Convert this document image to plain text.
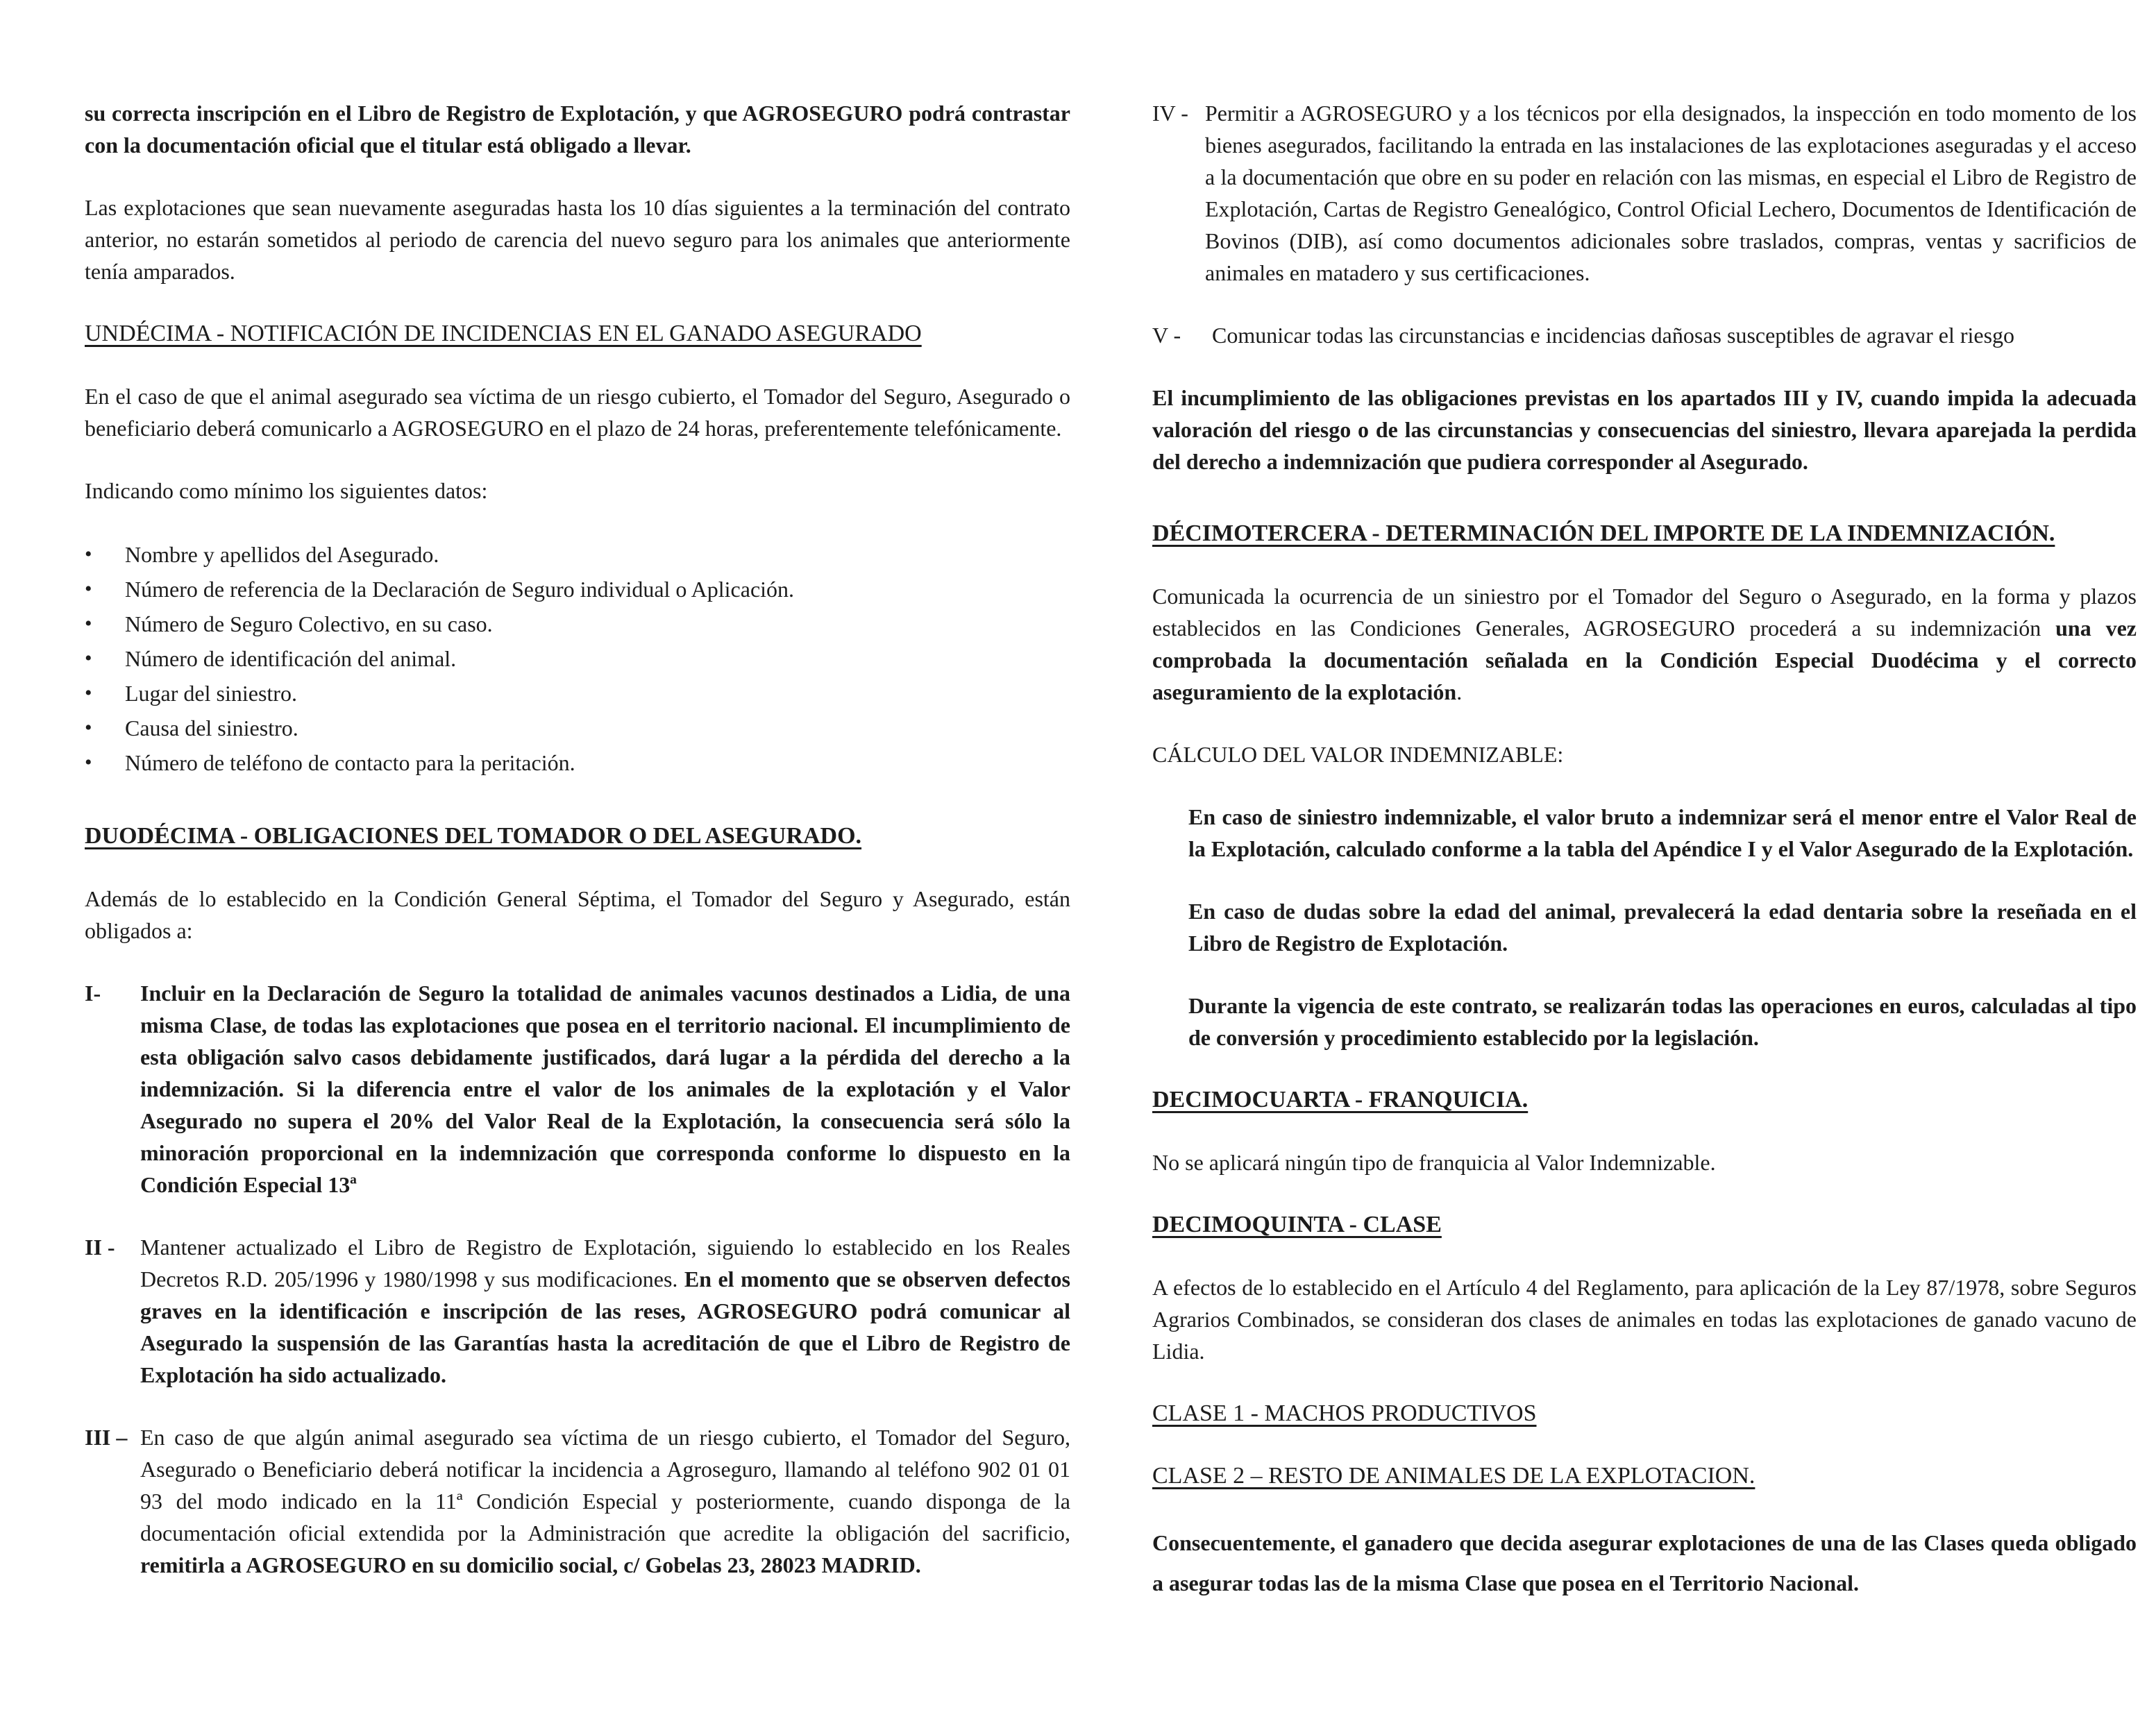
su correcta inscripción en el Libro de Registro de Explotación, y que AGROSEGURO podrá contrastar con la documentación oficial que el titular está obligado a llevar.

Las explotaciones que sean nuevamente aseguradas hasta los 10 días siguientes a la terminación del contrato anterior, no estarán sometidos al periodo de carencia del nuevo seguro para los animales que anteriormente tenía amparados.

UNDÉCIMA - NOTIFICACIÓN DE INCIDENCIAS EN EL GANADO ASEGURADO

En el caso de que el animal asegurado sea víctima de un riesgo cubierto, el Tomador del Seguro, Asegurado o beneficiario deberá comunicarlo a AGROSEGURO en el plazo de 24 horas, preferentemente telefónicamente.

Indicando como mínimo los siguientes datos:

• Nombre y apellidos del Asegurado.
• Número de referencia de la Declaración de Seguro individual o Aplicación.
• Número de Seguro Colectivo, en su caso.
• Número de identificación del animal.
• Lugar del siniestro.
• Causa del siniestro.
• Número de teléfono de contacto para la peritación.

DUODÉCIMA - OBLIGACIONES DEL TOMADOR O DEL ASEGURADO.

Además de lo establecido en la Condición General Séptima, el Tomador del Seguro y Asegurado, están obligados a:

I-	Incluir en la Declaración de Seguro la totalidad de animales vacunos destinados a Lidia, de una misma Clase, de todas las explotaciones que posea en el territorio nacional. El incumplimiento de esta obligación salvo casos debidamente justificados, dará lugar a la pérdida del derecho a la indemnización. Si la diferencia entre el valor de los animales de la explotación y el Valor Asegurado no supera el 20% del Valor Real de la Explotación, la consecuencia será sólo la minoración proporcional en la indemnización que corresponda conforme lo dispuesto en la Condición Especial 13ª
II -	Mantener actualizado el Libro de Registro de Explotación, siguiendo lo establecido en los Reales Decretos R.D. 205/1996 y 1980/1998 y sus modificaciones. En el momento que se observen defectos graves en la identificación e inscripción de las reses, AGROSEGURO podrá comunicar al Asegurado la suspensión de las Garantías hasta la acreditación de que el Libro de Registro de Explotación ha sido actualizado.
III – En caso de que algún animal asegurado sea víctima de un riesgo cubierto, el Tomador del Seguro, Asegurado o Beneficiario deberá notificar la incidencia a Agroseguro, llamando al teléfono 902 01 01 93 del modo indicado en la 11ª Condición Especial y posteriormente, cuando disponga de la documentación oficial extendida por la Administración que acredite la obligación del sacrificio, remitirla a AGROSEGURO en su domicilio social, c/ Gobelas 23, 28023 MADRID.
IV - Permitir a AGROSEGURO y a los técnicos por ella designados, la inspección en todo momento de los bienes asegurados, facilitando la entrada en las instalaciones de las explotaciones aseguradas y el acceso a la documentación que obre en su poder en relación con las mismas, en especial el Libro de Registro de Explotación, Cartas de Registro Genealógico, Control Oficial Lechero, Documentos de Identificación de Bovinos (DIB), así como documentos adicionales sobre traslados, compras, ventas y sacrificios de animales en matadero y sus certificaciones.
V -	Comunicar todas las circunstancias e incidencias dañosas susceptibles de agravar el riesgo

El incumplimiento de las obligaciones previstas en los apartados III y IV, cuando impida la adecuada valoración del riesgo o de las circunstancias y consecuencias del siniestro, llevara aparejada la perdida del derecho a indemnización que pudiera corresponder al Asegurado.

DÉCIMOTERCERA - DETERMINACIÓN DEL IMPORTE DE LA INDEMNIZACIÓN.

Comunicada la ocurrencia de un siniestro por el Tomador del Seguro o Asegurado, en la forma y plazos establecidos en las Condiciones Generales, AGROSEGURO procederá a su indemnización una vez comprobada la documentación señalada en la Condición Especial Duodécima y el correcto aseguramiento de la explotación.

CÁLCULO DEL VALOR INDEMNIZABLE:

En caso de siniestro indemnizable, el valor bruto a indemnizar será el menor entre el Valor Real de la Explotación, calculado conforme a la tabla del Apéndice I y el Valor Asegurado de la Explotación.

En caso de dudas sobre la edad del animal, prevalecerá la edad dentaria sobre la reseñada en el Libro de Registro de Explotación.

Durante la vigencia de este contrato, se realizarán todas las operaciones en euros, calculadas al tipo de conversión y procedimiento establecido por la legislación.

DECIMOCUARTA - FRANQUICIA.

No se aplicará ningún tipo de franquicia al Valor Indemnizable.

DECIMOQUINTA - CLASE

A efectos de lo establecido en el Artículo 4 del Reglamento, para aplicación de la Ley 87/1978, sobre Seguros Agrarios Combinados, se consideran dos clases de animales en todas las explotaciones de ganado vacuno de Lidia.

CLASE 1 - MACHOS PRODUCTIVOS

CLASE 2 – RESTO DE ANIMALES DE LA EXPLOTACION.

Consecuentemente, el ganadero que decida asegurar explotaciones de una de las Clases queda obligado a asegurar todas las de la misma Clase que posea en el Territorio Nacional.
